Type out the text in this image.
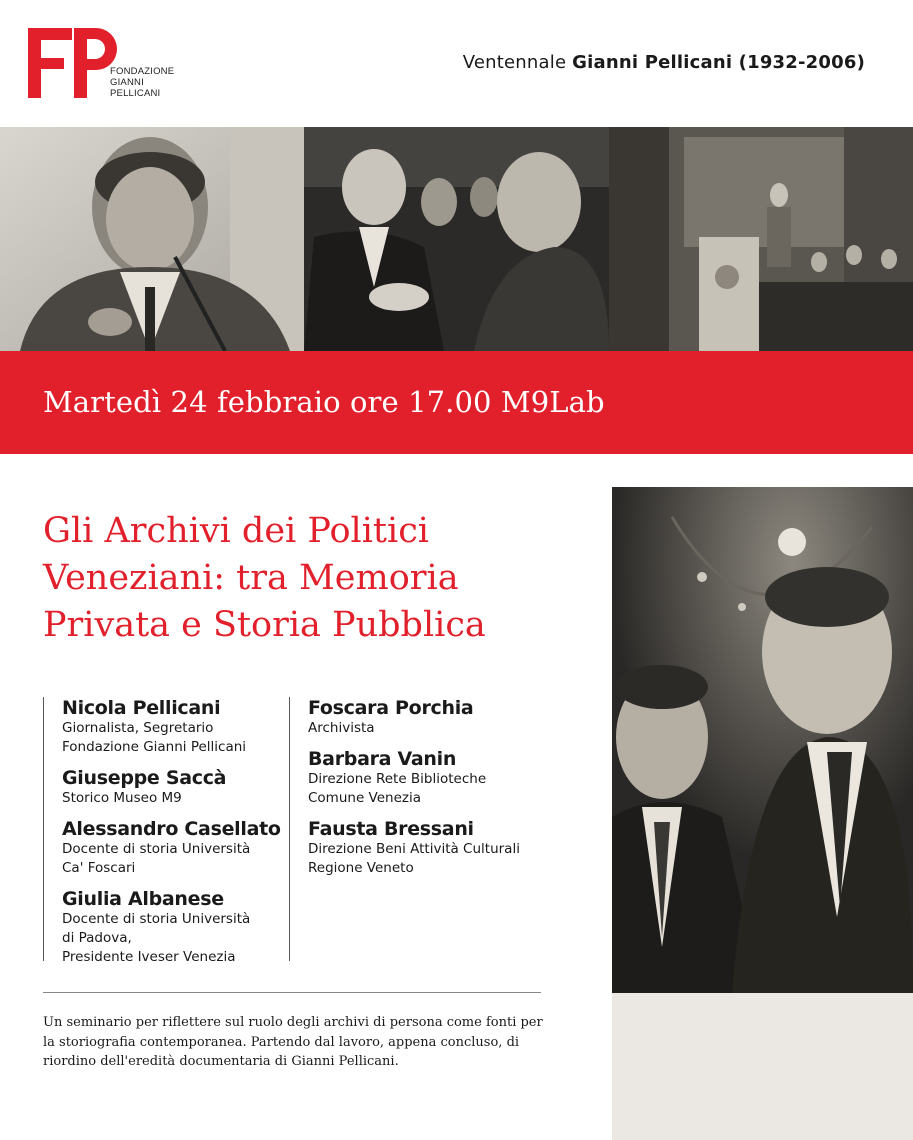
FONDAZIONE
GIANNI
PELLICANI
Ventennale Gianni Pellicani (1932-2006)
Martedì 24 febbraio ore 17.00 M9Lab
Gli Archivi dei Politici
Veneziani: tra Memoria
Privata e Storia Pubblica
Nicola Pellicani
Giornalista, Segretario
Fondazione Gianni Pellicani
Giuseppe Saccà
Storico Museo M9
Alessandro Casellato
Docente di storia Università
Ca' Foscari
Giulia Albanese
Docente di storia Università
di Padova,
Presidente Iveser Venezia
Foscara Porchia
Archivista
Barbara Vanin
Direzione Rete Biblioteche
Comune Venezia
Fausta Bressani
Direzione Beni Attività Culturali
Regione Veneto
Un seminario per riflettere sul ruolo degli archivi di persona come fonti per
la storiografia contemporanea. Partendo dal lavoro, appena concluso, di
riordino dell'eredità documentaria di Gianni Pellicani.
